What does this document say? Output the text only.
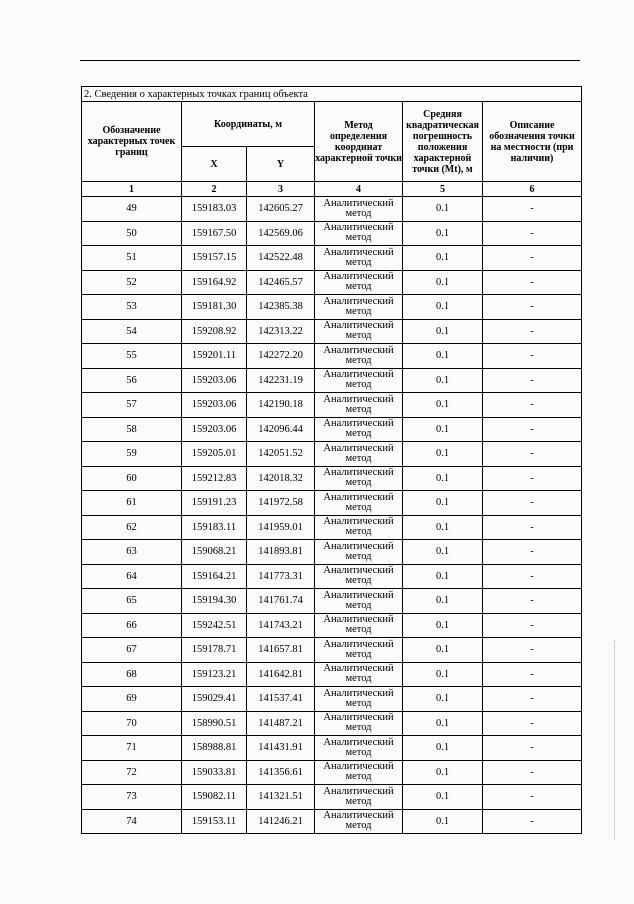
2. Сведения о характерных точках границ объекта					
Обозначение характерных точек границ	Координаты, м		Метод определения координат характерной точки	Средняя квадратическая погрешность положения характерной точки (Mt), м	Описание обозначения точки на местности (при наличии)
	X	Y			
1	2	3	4	5	6
49	159183.03	142605.27	Аналитический метод	0.1	-
50	159167.50	142569.06	Аналитический метод	0.1	-
51	159157.15	142522.48	Аналитический метод	0.1	-
52	159164.92	142465.57	Аналитический метод	0.1	-
53	159181.30	142385.38	Аналитический метод	0.1	-
54	159208.92	142313.22	Аналитический метод	0.1	-
55	159201.11	142272.20	Аналитический метод	0.1	-
56	159203.06	142231.19	Аналитический метод	0.1	-
57	159203.06	142190.18	Аналитический метод	0.1	-
58	159203.06	142096.44	Аналитический метод	0.1	-
59	159205.01	142051.52	Аналитический метод	0.1	-
60	159212.83	142018.32	Аналитический метод	0.1	-
61	159191.23	141972.58	Аналитический метод	0.1	-
62	159183.11	141959.01	Аналитический метод	0.1	-
63	159068.21	141893.81	Аналитический метод	0.1	-
64	159164.21	141773.31	Аналитический метод	0.1	-
65	159194.30	141761.74	Аналитический метод	0.1	-
66	159242.51	141743.21	Аналитический метод	0.1	-
67	159178.71	141657.81	Аналитический метод	0.1	-
68	159123.21	141642.81	Аналитический метод	0.1	-
69	159029.41	141537.41	Аналитический метод	0.1	-
70	158990.51	141487.21	Аналитический метод	0.1	-
71	158988.81	141431.91	Аналитический метод	0.1	-
72	159033.81	141356.61	Аналитический метод	0.1	-
73	159082.11	141321.51	Аналитический метод	0.1	-
74	159153.11	141246.21	Аналитический метод	0.1	-
